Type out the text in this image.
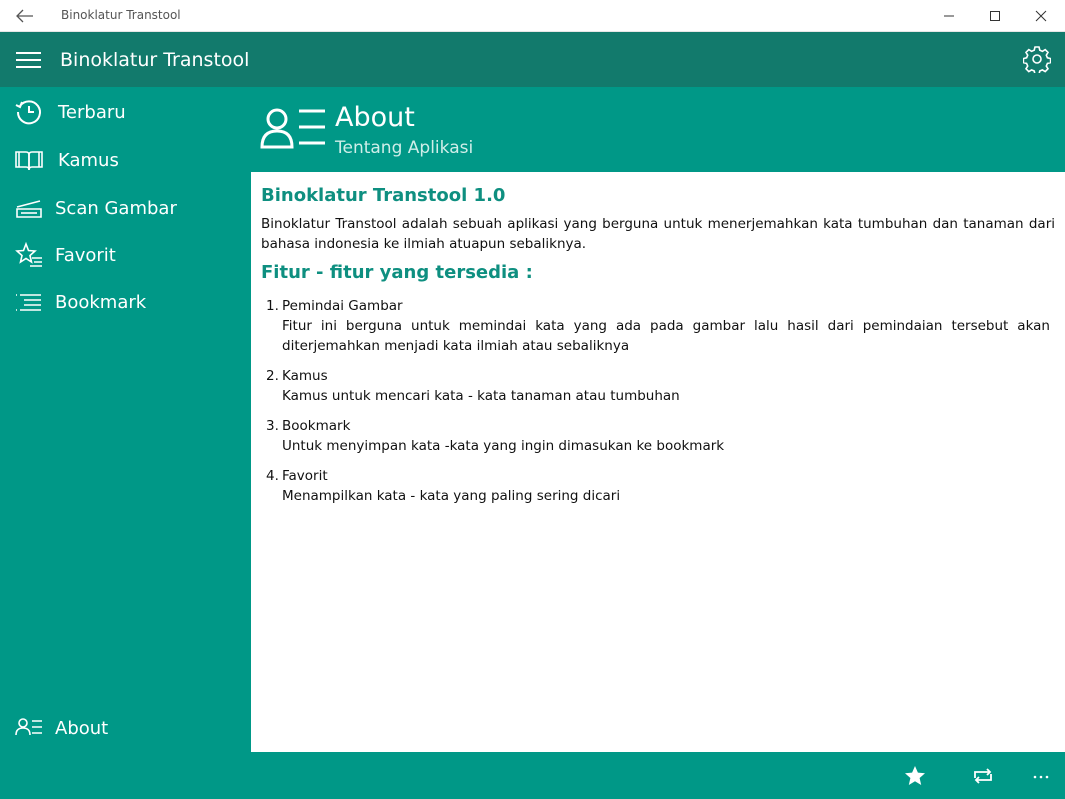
Binoklatur Transtool
Binoklatur Transtool
Terbaru
Kamus
Scan Gambar
Favorit
Bookmark
About
About
Tentang Aplikasi
Binoklatur Transtool 1.0
Binoklatur Transtool adalah sebuah aplikasi yang berguna untuk menerjemahkan kata tumbuhan dan tanaman dari bahasa indonesia ke ilmiah atuapun sebaliknya.
Fitur - fitur yang tersedia :
1. Pemindai Gambar
Fitur ini berguna untuk memindai kata yang ada pada gambar lalu hasil dari pemindaian tersebut akan diterjemahkan menjadi kata ilmiah atau sebaliknya
2. Kamus
Kamus untuk mencari kata - kata tanaman atau tumbuhan
3. Bookmark
Untuk menyimpan kata -kata yang ingin dimasukan ke bookmark
4. Favorit
Menampilkan kata - kata yang paling sering dicari
